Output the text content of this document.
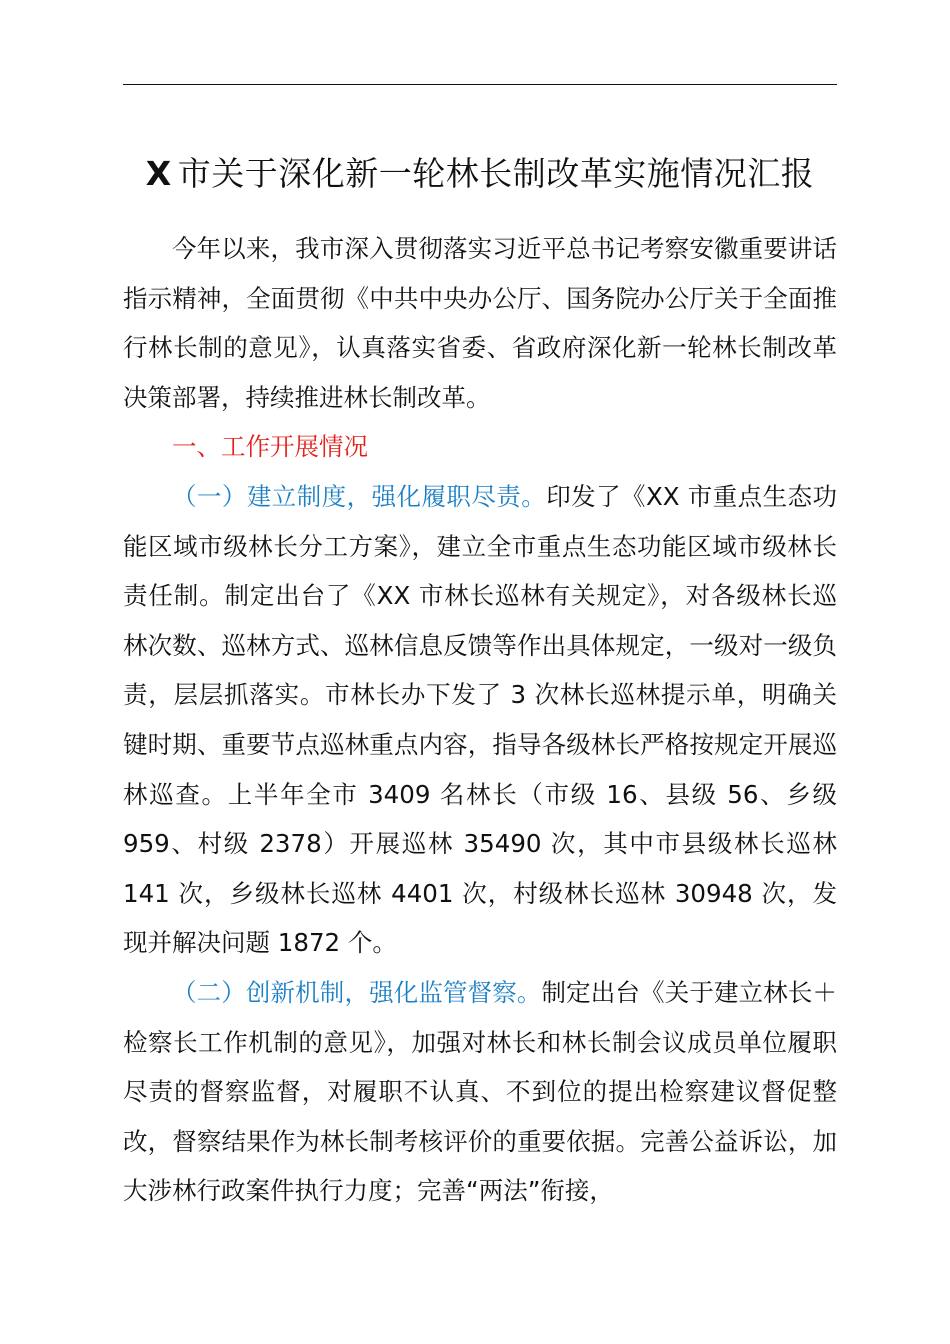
X 市关于深化新一轮林长制改革实施情况汇报

今年以来，我市深入贯彻落实习近平总书记考察安徽重要讲话指示精神，全面贯彻《中共中央办公厅、国务院办公厅关于全面推行林长制的意见》，认真落实省委、省政府深化新一轮林长制改革决策部署，持续推进林长制改革。

一、工作开展情况

（一）建立制度，强化履职尽责。印发了《XX 市重点生态功能区域市级林长分工方案》，建立全市重点生态功能区域市级林长责任制。制定出台了《XX 市林长巡林有关规定》，对各级林长巡林次数、巡林方式、巡林信息反馈等作出具体规定，一级对一级负责，层层抓落实。市林长办下发了 3 次林长巡林提示单，明确关键时期、重要节点巡林重点内容，指导各级林长严格按规定开展巡林巡查。上半年全市 3409 名林长（市级 16、县级 56、乡级 959、村级 2378）开展巡林 35490 次，其中市县级林长巡林 141 次，乡级林长巡林 4401 次，村级林长巡林 30948 次，发现并解决问题 1872 个。

（二）创新机制，强化监管督察。制定出台《关于建立林长＋检察长工作机制的意见》，加强对林长和林长制会议成员单位履职尽责的督察监督，对履职不认真、不到位的提出检察建议督促整改，督察结果作为林长制考核评价的重要依据。完善公益诉讼，加大涉林行政案件执行力度；完善“两法”衔接，
